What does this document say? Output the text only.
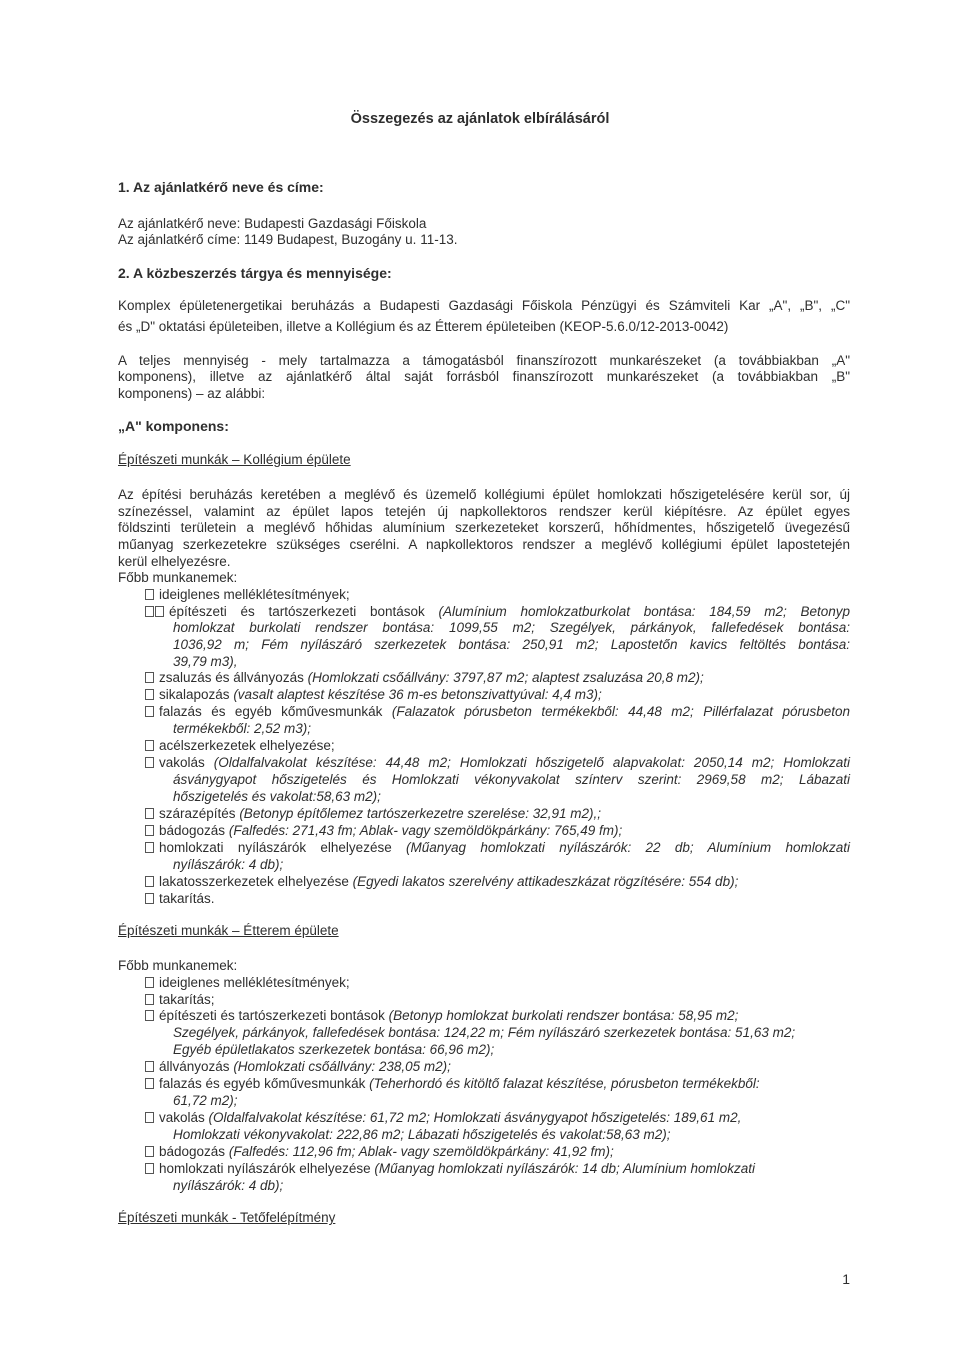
Összegezés az ajánlatok elbírálásáról
1. Az ajánlatkérő neve és címe:
Az ajánlatkérő neve: Budapesti Gazdasági Főiskola
Az ajánlatkérő címe: 1149 Budapest, Buzogány u. 11-13.
2. A közbeszerzés tárgya és mennyisége:
Komplex épületenergetikai beruházás a Budapesti Gazdasági Főiskola Pénzügyi és Számviteli Kar „A", „B", „C"
és „D" oktatási épületeiben, illetve a Kollégium és az Étterem épületeiben (KEOP-5.6.0/12-2013-0042)
A teljes mennyiség - mely tartalmazza a támogatásból finanszírozott munkarészeket (a továbbiakban „A"
komponens), illetve az ajánlatkérő által saját forrásból finanszírozott munkarészeket (a továbbiakban „B"
komponens) – az alábbi:
„A" komponens:
Építészeti munkák – Kollégium épülete
Az építési beruházás keretében a meglévő és üzemelő kollégiumi épület homlokzati hőszigetelésére kerül sor, új
színezéssel, valamint az épület lapos tetején új napkollektoros rendszer kerül kiépítésre. Az épület egyes
földszinti területein a meglévő hőhidas alumínium szerkezeteket korszerű, hőhídmentes, hőszigetelő üvegezésű
műanyag szerkezetekre szükséges cserélni. A napkollektoros rendszer a meglévő kollégiumi épület lapostetején
kerül elhelyezésre.
Főbb munkanemek:
ideiglenes melléklétesítmények;
építészeti és tartószerkezeti bontások (Alumínium homlokzatburkolat bontása: 184,59 m2; Betonyp
homlokzat burkolati rendszer bontása: 1099,55 m2; Szegélyek, párkányok, fallefedések bontása:
1036,92 m; Fém nyílászáró szerkezetek bontása: 250,91 m2; Lapostetőn kavics feltöltés bontása:
39,79 m3),
zsaluzás és állványozás (Homlokzati csőállvány: 3797,87 m2; alaptest zsaluzása 20,8 m2);
sikalapozás (vasalt alaptest készítése 36 m-es betonszivattyúval: 4,4 m3);
falazás és egyéb kőművesmunkák (Falazatok pórusbeton termékekből: 44,48 m2; Pillérfalazat pórusbeton
termékekből: 2,52 m3);
acélszerkezetek elhelyezése;
vakolás (Oldalfalvakolat készítése: 44,48 m2; Homlokzati hőszigetelő alapvakolat: 2050,14 m2; Homlokzati
ásványgyapot hőszigetelés és Homlokzati vékonyvakolat színterv szerint: 2969,58 m2; Lábazati
hőszigetelés és vakolat:58,63 m2);
szárazépítés (Betonyp építőlemez tartószerkezetre szerelése: 32,91 m2),;
bádogozás (Falfedés: 271,43 fm; Ablak- vagy szemöldökpárkány: 765,49 fm);
homlokzati nyílászárók elhelyezése (Műanyag homlokzati nyílászárók: 22 db; Alumínium homlokzati
nyílászárók: 4 db);
lakatosszerkezetek elhelyezése (Egyedi lakatos szerelvény attikadeszkázat rögzítésére: 554 db);
takarítás.
Építészeti munkák – Étterem épülete
Főbb munkanemek:
ideiglenes melléklétesítmények;
takarítás;
építészeti és tartószerkezeti bontások (Betonyp homlokzat burkolati rendszer bontása: 58,95 m2;
Szegélyek, párkányok, fallefedések bontása: 124,22 m; Fém nyílászáró szerkezetek bontása: 51,63 m2;
Egyéb épületlakatos szerkezetek bontása: 66,96 m2);
állványozás (Homlokzati csőállvány: 238,05 m2);
falazás és egyéb kőművesmunkák (Teherhordó és kitöltő falazat készítése, pórusbeton termékekből:
61,72 m2);
vakolás (Oldalfalvakolat készítése: 61,72 m2; Homlokzati ásványgyapot hőszigetelés: 189,61 m2,
Homlokzati vékonyvakolat: 222,86 m2; Lábazati hőszigetelés és vakolat:58,63 m2);
bádogozás (Falfedés: 112,96 fm; Ablak- vagy szemöldökpárkány: 41,92 fm);
homlokzati nyílászárók elhelyezése (Műanyag homlokzati nyílászárók: 14 db; Alumínium homlokzati
nyílászárók: 4 db);
Építészeti munkák - Tetőfelépítmény
1
